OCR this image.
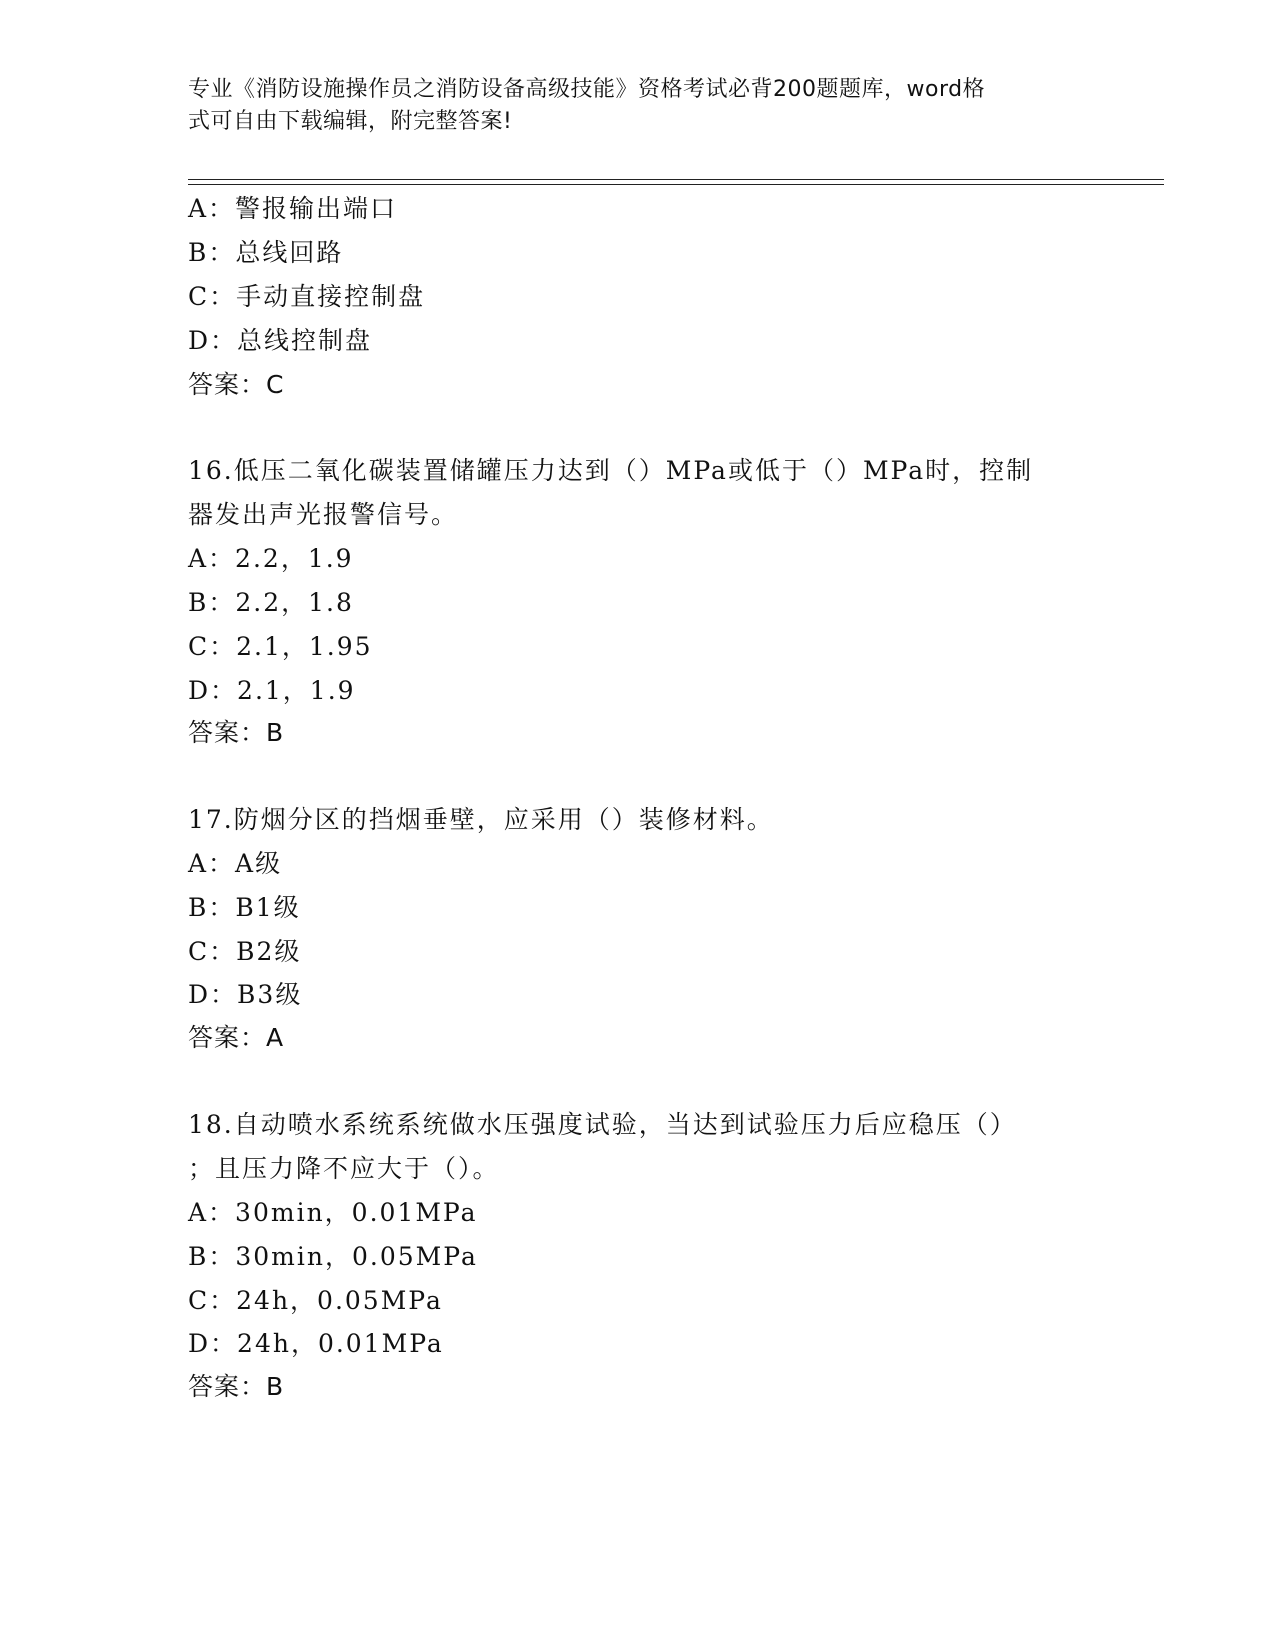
专业《消防设施操作员之消防设备高级技能》资格考试必背200题题库，word格
式可自由下载编辑，附完整答案!
A：警报输出端口
B：总线回路
C：手动直接控制盘
D：总线控制盘
答案：C
16.低压二氧化碳装置储罐压力达到（）MPa或低于（）MPa时，控制
器发出声光报警信号。
A：2.2，1.9
B：2.2，1.8
C：2.1，1.95
D：2.1，1.9
答案：B
17.防烟分区的挡烟垂壁，应采用（）装修材料。
A：A级
B：B1级
C：B2级
D：B3级
答案：A
18.自动喷水系统系统做水压强度试验，当达到试验压力后应稳压（）
；且压力降不应大于（）。
A：30min，0.01MPa
B：30min，0.05MPa
C：24h，0.05MPa
D：24h，0.01MPa
答案：B
